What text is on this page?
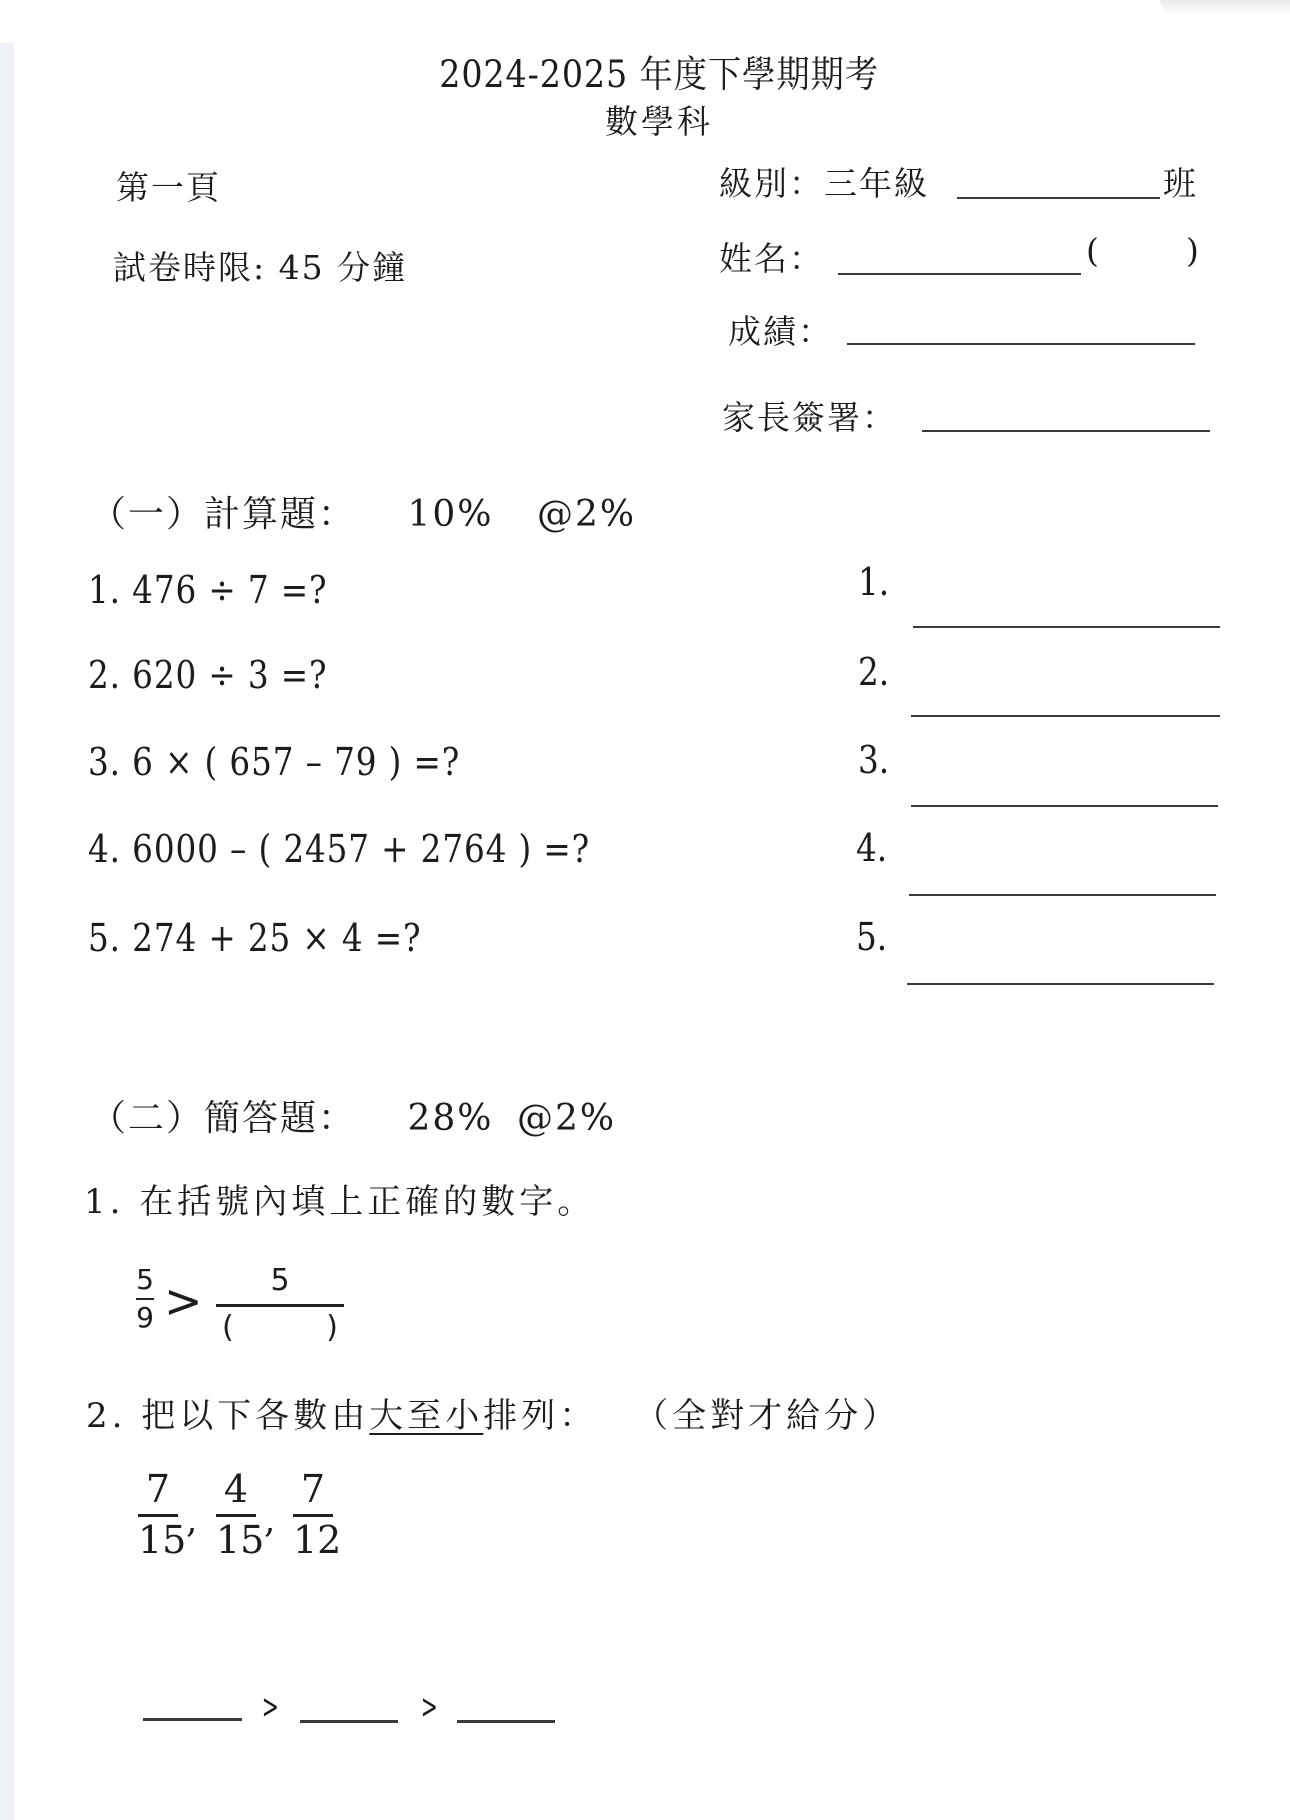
2024-2025 年度下學期期考
數學科
第一頁
試卷時限: 45 分鐘
級別：三年級	班
姓名：	(	)
成績：
家長簽署：
（一）計算題： 10% @2%
1. 476 ÷ 7 =?
2. 620 ÷ 3 =?
3. 6 × ( 657 – 79 ) =?
4. 6000 – ( 2457 + 2764 ) =?
5. 274 + 25 × 4 =?
1.
2.
3.
4.
5.
（二）簡答題： 28% @2%
1. 在括號內填上正確的數字。
5
9 >	5
(	)
2. 把以下各數由大至小排列： （全對才給分）
7
15 ,
4
15 ,
7
12
>	>
